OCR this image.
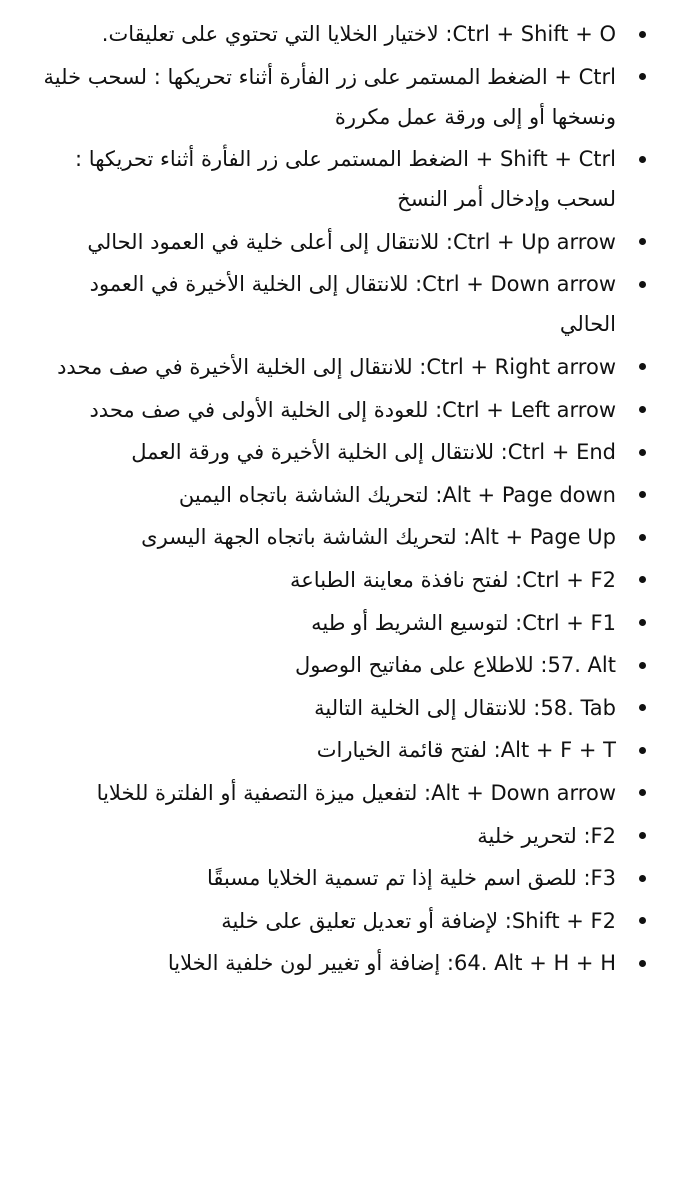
Ctrl + Shift + O: لاختيار الخلايا التي تحتوي على تعليقات.
Ctrl + الضغط المستمر على زر الفأرة أثناء تحريكها : لسحب خلية ونسخها أو إلى ورقة عمل مكررة
Shift + Ctrl + الضغط المستمر على زر الفأرة أثناء تحريكها : لسحب وإدخال أمر النسخ
Ctrl + Up arrow: للانتقال إلى أعلى خلية في العمود الحالي
Ctrl + Down arrow: للانتقال إلى الخلية الأخيرة في العمود الحالي
Ctrl + Right arrow: للانتقال إلى الخلية الأخيرة في صف محدد
Ctrl + Left arrow: للعودة إلى الخلية الأولى في صف محدد
Ctrl + End: للانتقال إلى الخلية الأخيرة في ورقة العمل
Alt + Page down: لتحريك الشاشة باتجاه اليمين
Alt + Page Up: لتحريك الشاشة باتجاه الجهة اليسرى
Ctrl + F2: لفتح نافذة معاينة الطباعة
Ctrl + F1: لتوسيع الشريط أو طيه
57. Alt: للاطلاع على مفاتيح الوصول
58. Tab: للانتقال إلى الخلية التالية
Alt + F + T: لفتح قائمة الخيارات
Alt + Down arrow: لتفعيل ميزة التصفية أو الفلترة للخلايا
F2: لتحرير خلية
F3: للصق اسم خلية إذا تم تسمية الخلايا مسبقًا
Shift + F2: لإضافة أو تعديل تعليق على خلية
64. Alt + H + H: إضافة أو تغيير لون خلفية الخلايا
